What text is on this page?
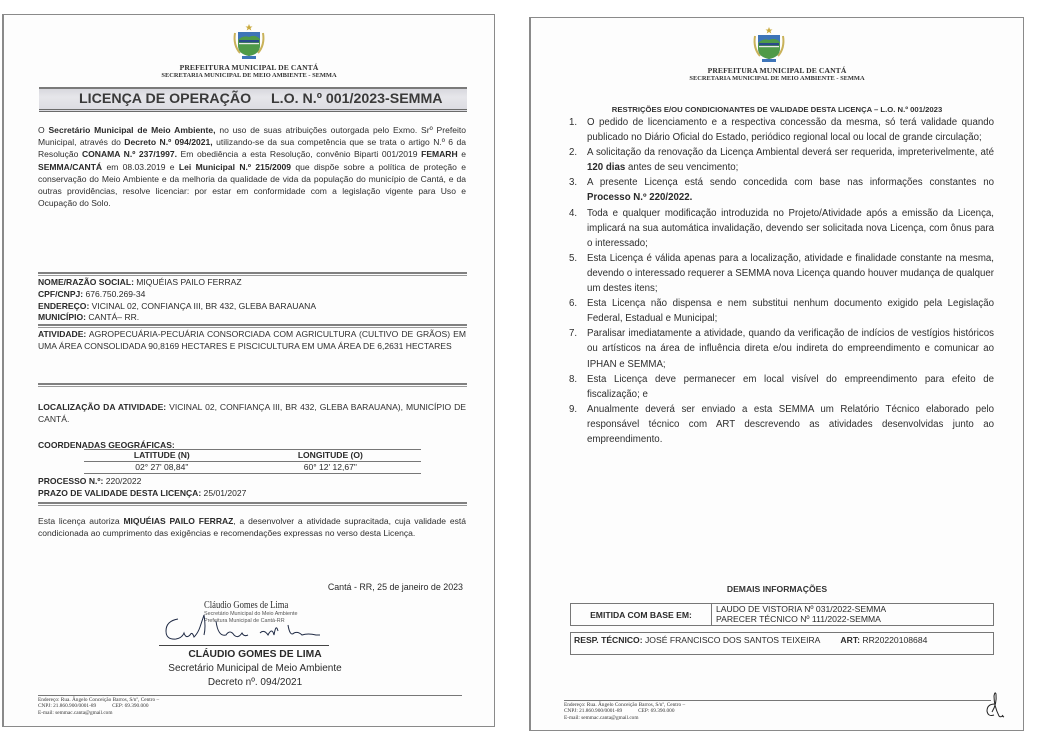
PREFEITURA MUNICIPAL DE CANTÁ
SECRETARIA MUNICIPAL DE MEIO AMBIENTE - SEMMA
LICENÇA DE OPERAÇÃO L.O. N.º 001/2023-SEMMA
O Secretário Municipal de Meio Ambiente, no uso de suas atribuições outorgada pelo Exmo. Srº Prefeito Municipal, através do Decreto N.º 094/2021, utilizando-se da sua competência que se trata o artigo N.º 6 da Resolução CONAMA N.º 237/1997. Em obediência a esta Resolução, convênio Biparti 001/2019 FEMARH e SEMMA/CANTÁ em 08.03.2019 e Lei Municipal N.º 215/2009 que dispõe sobre a política de proteção e conservação do Meio Ambiente e da melhoria da qualidade de vida da população do município de Cantá, e da outras providências, resolve licenciar: por estar em conformidade com a legislação vigente para Uso e Ocupação do Solo.
NOME/RAZÃO SOCIAL: MIQUÉIAS PAILO FERRAZ
CPF/CNPJ: 676.750.269-34
ENDEREÇO: VICINAL 02, CONFIANÇA III, BR 432, GLEBA BARAUANA
MUNICÍPIO: CANTÁ– RR.
ATIVIDADE: AGROPECUÁRIA-PECUÁRIA CONSORCIADA COM AGRICULTURA (CULTIVO DE GRÃOS) EM UMA ÁREA CONSOLIDADA 90,8169 HECTARES E PISCICULTURA EM UMA ÁREA DE 6,2631 HECTARES
LOCALIZAÇÃO DA ATIVIDADE: VICINAL 02, CONFIANÇA III, BR 432, GLEBA BARAUANA), MUNICÍPIO DE CANTÁ.
COORDENADAS GEOGRÁFICAS:
LATITUDE (N)	LONGITUDE (O)
02° 27' 08,84"	60° 12' 12,67"
PROCESSO N.º: 220/2022
PRAZO DE VALIDADE DESTA LICENÇA: 25/01/2027
Esta licença autoriza MIQUÉIAS PAILO FERRAZ, a desenvolver a atividade supracitada, cuja validade está condicionada ao cumprimento das exigências e recomendações expressas no verso desta Licença.
Cantá - RR, 25 de janeiro de 2023
Cláudio Gomes de Lima
Secretário Municipal do Meio Ambiente
Prefeitura Municipal de Cantá-RR
CLÁUDIO GOMES DE LIMA
Secretário Municipal de Meio Ambiente
Decreto nº. 094/2021
Endereço: Rua. Ângelo Conceição Barros, S/nº, Centro –
CNPJ: 21.860.900/0001-89	CEP: 69.390.000
E-mail: semmac.canta@gmail.com
PREFEITURA MUNICIPAL DE CANTÁ
SECRETARIA MUNICIPAL DE MEIO AMBIENTE - SEMMA
RESTRIÇÕES E/OU CONDICIONANTES DE VALIDADE DESTA LICENÇA – L.O. N.º 001/2023
1. O pedido de licenciamento e a respectiva concessão da mesma, só terá validade quando publicado no Diário Oficial do Estado, periódico regional local ou local de grande circulação;
2. A solicitação da renovação da Licença Ambiental deverá ser requerida, impreterivelmente, até 120 dias antes de seu vencimento;
3. A presente Licença está sendo concedida com base nas informações constantes no Processo N.º 220/2022.
4. Toda e qualquer modificação introduzida no Projeto/Atividade após a emissão da Licença, implicará na sua automática invalidação, devendo ser solicitada nova Licença, com ônus para o interessado;
5. Esta Licença é válida apenas para a localização, atividade e finalidade constante na mesma, devendo o interessado requerer a SEMMA nova Licença quando houver mudança de qualquer um destes itens;
6. Esta Licença não dispensa e nem substitui nenhum documento exigido pela Legislação Federal, Estadual e Municipal;
7. Paralisar imediatamente a atividade, quando da verificação de indícios de vestígios históricos ou artísticos na área de influência direta e/ou indireta do empreendimento e comunicar ao IPHAN e SEMMA;
8. Esta Licença deve permanecer em local visível do empreendimento para efeito de fiscalização; e
9. Anualmente deverá ser enviado a esta SEMMA um Relatório Técnico elaborado pelo responsável técnico com ART descrevendo as atividades desenvolvidas junto ao empreendimento.
DEMAIS INFORMAÇÕES
EMITIDA COM BASE EM:
LAUDO DE VISTORIA Nº 031/2022-SEMMA
PARECER TÉCNICO Nº 111/2022-SEMMA
RESP. TÉCNICO: JOSÉ FRANCISCO DOS SANTOS TEIXEIRA ART: RR20220108684
Endereço: Rua. Ângelo Conceição Barros, S/nº, Centro –
CNPJ: 21.860.900/0001-89	CEP: 69.390.000
E-mail: semmac.canta@gmail.com
